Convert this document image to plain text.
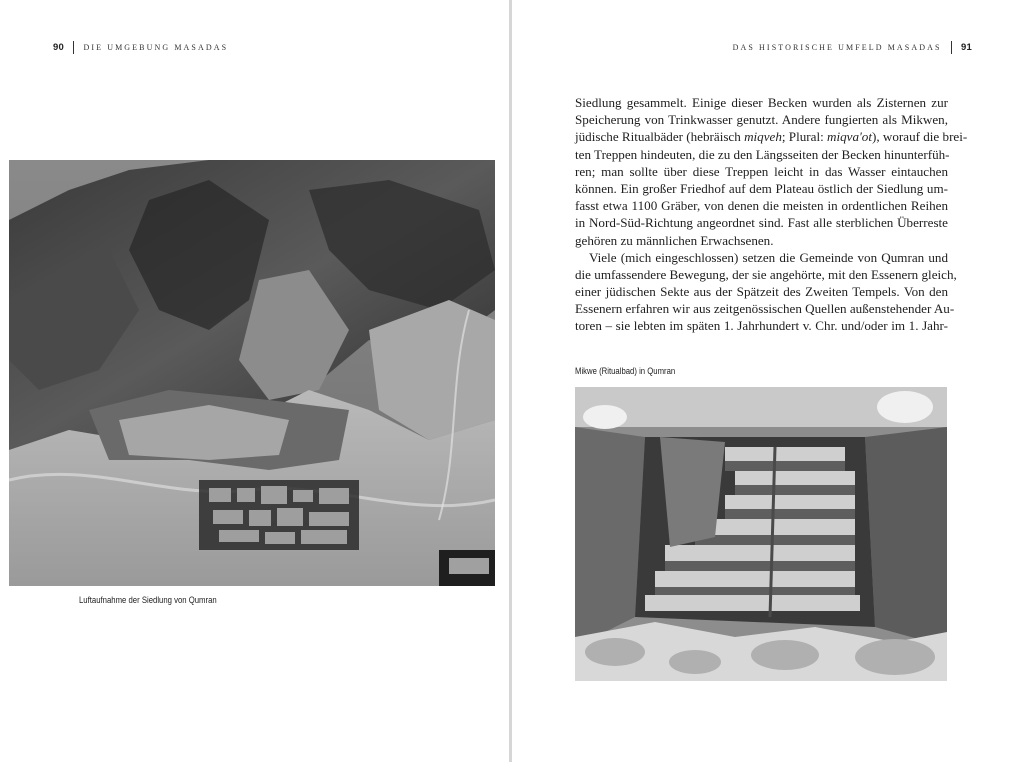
90 DIE UMGEBUNG MASADAS
Luftaufnahme der Siedlung von Qumran
DAS HISTORISCHE UMFELD MASADAS 91
Siedlung gesammelt. Einige dieser Becken wurden als Zisternen zur
Speicherung von Trinkwasser genutzt. Andere fungierten als Mikwen,
jüdische Ritualbäder (hebräisch miqveh; Plural: miqva'ot), worauf die brei-
ten Treppen hindeuten, die zu den Längsseiten der Becken hinunterfüh-
ren; man sollte über diese Treppen leicht in das Wasser eintauchen
können. Ein großer Friedhof auf dem Plateau östlich der Siedlung um-
fasst etwa 1100 Gräber, von denen die meisten in ordentlichen Reihen
in Nord-Süd-Richtung angeordnet sind. Fast alle sterblichen Überreste
gehören zu männlichen Erwachsenen.
Viele (mich eingeschlossen) setzen die Gemeinde von Qumran und
die umfassendere Bewegung, der sie angehörte, mit den Essenern gleich,
einer jüdischen Sekte aus der Spätzeit des Zweiten Tempels. Von den
Essenern erfahren wir aus zeitgenössischen Quellen außenstehender Au-
toren – sie lebten im späten 1. Jahrhundert v. Chr. und/oder im 1. Jahr-
Mikwe (Ritualbad) in Qumran
